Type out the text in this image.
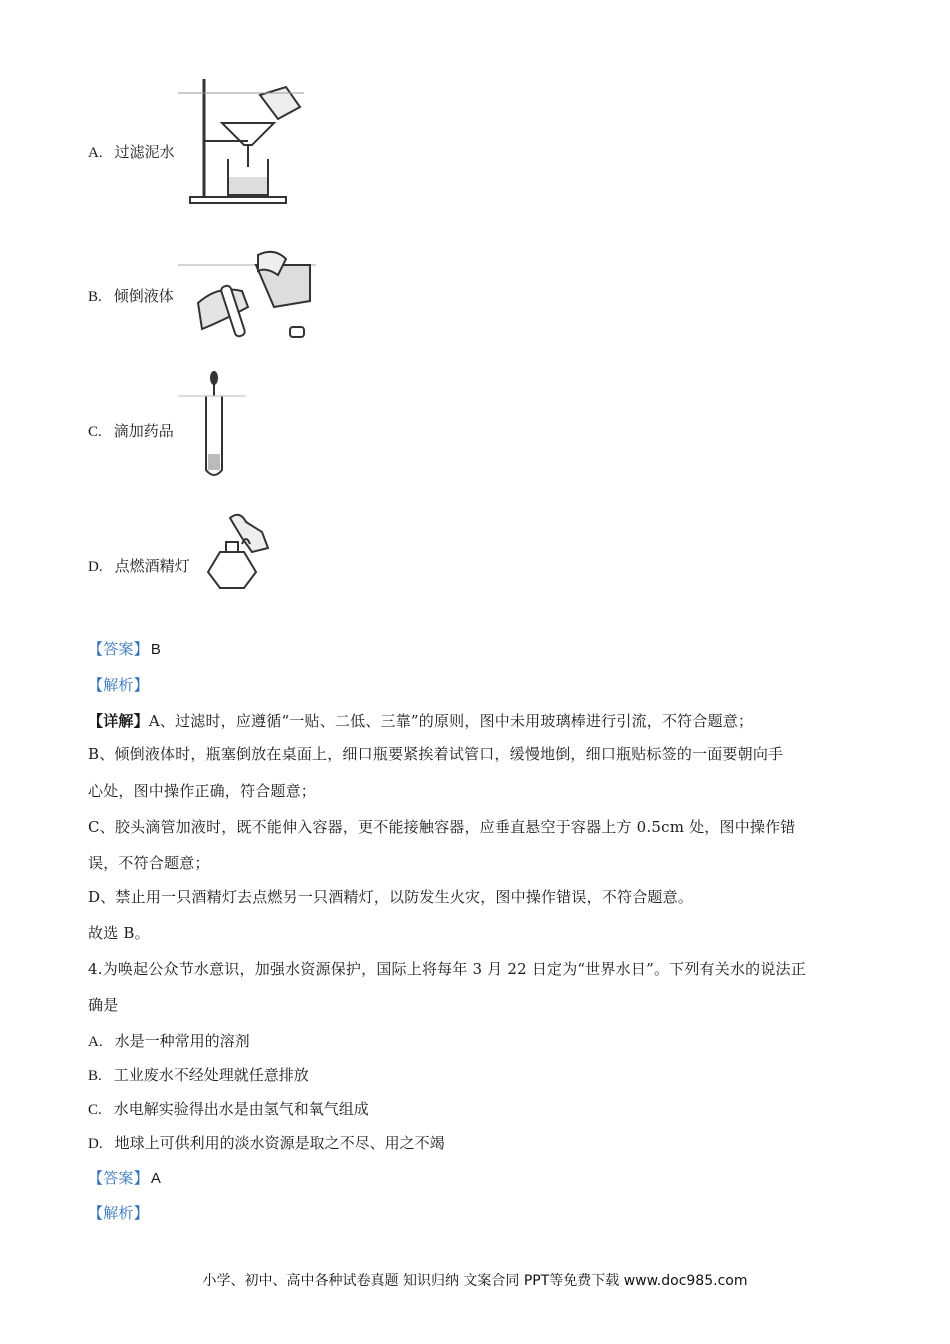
A. 过滤泥水
B. 倾倒液体
C. 滴加药品
D. 点燃酒精灯
【答案】 B
【解析】
【详解】A、过滤时，应遵循“一贴、二低、三靠”的原则，图中未用玻璃棒进行引流，不符合题意；
B、倾倒液体时，瓶塞倒放在桌面上，细口瓶要紧挨着试管口，缓慢地倒，细口瓶贴标签的一面要朝向手
心处，图中操作正确，符合题意；
C、胶头滴管加液时，既不能伸入容器，更不能接触容器，应垂直悬空于容器上方 0.5cm 处，图中操作错
误，不符合题意；
D、禁止用一只酒精灯去点燃另一只酒精灯，以防发生火灾，图中操作错误，不符合题意。
故选 B。
4.为唤起公众节水意识，加强水资源保护，国际上将每年 3 月 22 日定为“世界水日”。下列有关水的说法正
确是
A. 水是一种常用的溶剂
B. 工业废水不经处理就任意排放
C. 水电解实验得出水是由氢气和氧气组成
D. 地球上可供利用的淡水资源是取之不尽、用之不竭
【答案】 A
【解析】
小学、初中、高中各种试卷真题 知识归纳 文案合同 PPT等免费下载 www.doc985.com
